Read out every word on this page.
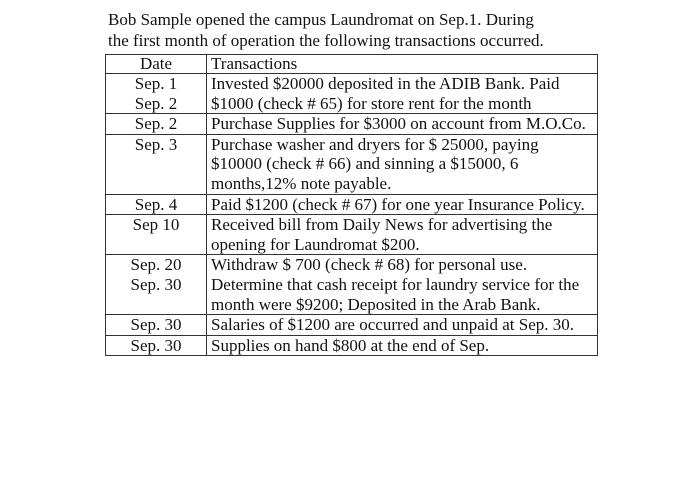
Bob Sample opened the campus Laundromat on Sep.1. During
the first month of operation the following transactions occurred.
Date	Transactions

Sep. 1
Sep. 2	Invested $20000 deposited in the ADIB Bank. Paid $1000 (check # 65) for store rent for the month

Sep. 2	Purchase Supplies for $3000 on account from M.O.Co.

Sep. 3	Purchase washer and dryers for $ 25000, paying $10000 (check # 66) and sinning a $15000, 6 months,12% note payable.

Sep. 4	Paid $1200 (check # 67) for one year Insurance Policy.

Sep 10	Received bill from Daily News for advertising the opening for Laundromat $200.

Sep. 20
Sep. 30	Withdraw $ 700 (check # 68) for personal use. Determine that cash receipt for laundry service for the month were $9200; Deposited in the Arab Bank.

Sep. 30	Salaries of $1200 are occurred and unpaid at Sep. 30.

Sep. 30	Supplies on hand $800 at the end of Sep.
